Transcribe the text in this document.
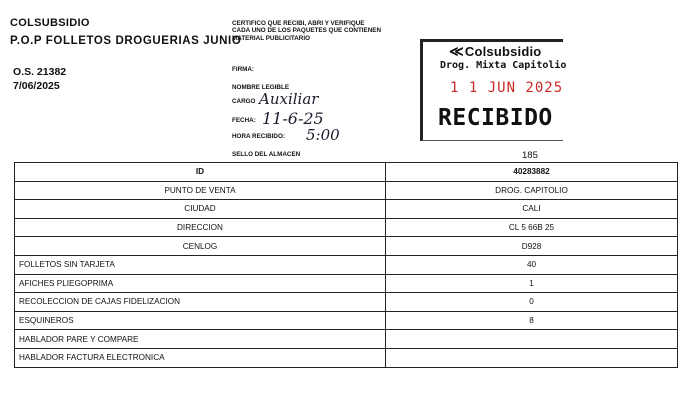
COLSUBSIDIO
P.O.P FOLLETOS DROGUERIAS JUNIO
O.S. 21382
7/06/2025
CERTIFICO QUE RECIBI, ABRI Y VERIFIQUE CADA UNO DE LOS PAQUETES QUE CONTIENEN MATERIAL PUBLICITARIO
FIRMA:
NOMBRE LEGIBLE
CARGO Auxiliar
FECHA: 11-6-25
HORA RECIBIDO: 5:00
SELLO DEL ALMACEN
≪Colsubsidio
Drog. Mixta Capitolio
1 1 JUN 2025
RECIBIDO
185
ID	40283882
PUNTO DE VENTA	DROG. CAPITOLIO
CIUDAD	CALI
DIRECCION	CL 5 66B 25
CENLOG	D928
FOLLETOS SIN TARJETA	40
AFICHES PLIEGOPRIMA	1
RECOLECCION DE CAJAS FIDELIZACION	0
ESQUINEROS	8
HABLADOR PARE Y COMPARE	
HABLADOR FACTURA ELECTRONICA	
